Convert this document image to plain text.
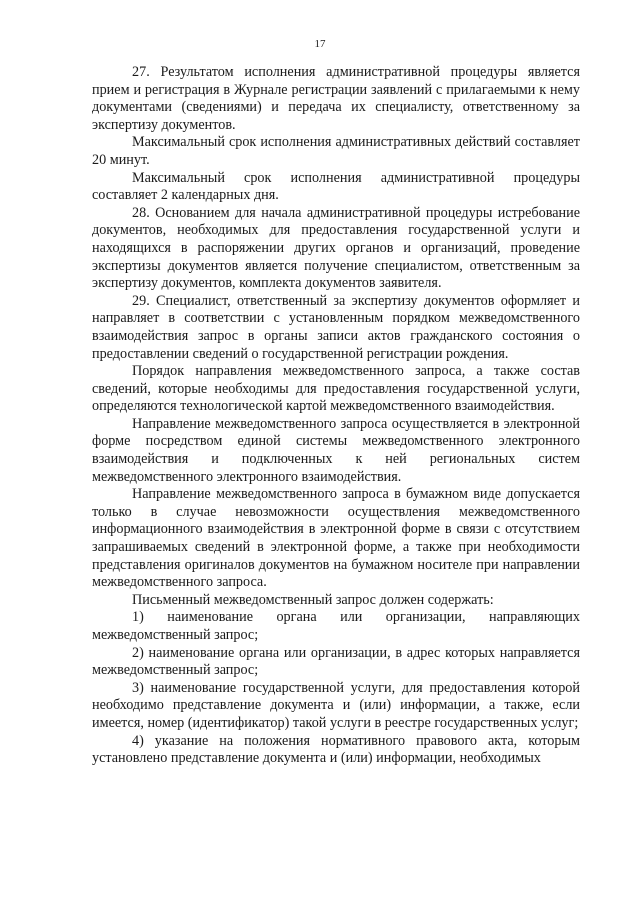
17

27. Результатом исполнения административной процедуры является прием и регистрация в Журнале регистрации заявлений с прилагаемыми к нему документами (сведениями) и передача их специалисту, ответственному за экспертизу документов.

Максимальный срок исполнения административных действий составляет 20 минут.

Максимальный срок исполнения административной процедуры составляет 2 календарных дня.

28. Основанием для начала административной процедуры истребование документов, необходимых для предоставления государственной услуги и находящихся в распоряжении других органов и организаций, проведение экспертизы документов является получение специалистом, ответственным за экспертизу документов, комплекта документов заявителя.

29. Специалист, ответственный за экспертизу документов оформляет и направляет в соответствии с установленным порядком межведомственного взаимодействия запрос в органы записи актов гражданского состояния о предоставлении сведений о государственной регистрации рождения.

Порядок направления межведомственного запроса, а также состав сведений, которые необходимы для предоставления государственной услуги, определяются технологической картой межведомственного взаимодействия.

Направление межведомственного запроса осуществляется в электронной форме посредством единой системы межведомственного электронного взаимодействия и подключенных к ней региональных систем межведомственного электронного взаимодействия.

Направление межведомственного запроса в бумажном виде допускается только в случае невозможности осуществления межведомственного информационного взаимодействия в электронной форме в связи с отсутствием запрашиваемых сведений в электронной форме, а также при необходимости представления оригиналов документов на бумажном носителе при направлении межведомственного запроса.

Письменный межведомственный запрос должен содержать:

1) наименование органа или организации, направляющих межведомственный запрос;

2) наименование органа или организации, в адрес которых направляется межведомственный запрос;

3) наименование государственной услуги, для предоставления которой необходимо представление документа и (или) информации, а также, если имеется, номер (идентификатор) такой услуги в реестре государственных услуг;

4) указание на положения нормативного правового акта, которым установлено представление документа и (или) информации, необходимых
